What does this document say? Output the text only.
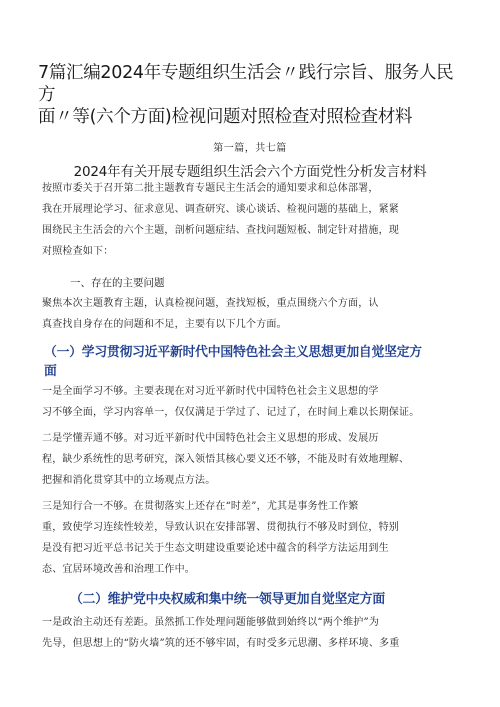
7篇汇编2024年专题组织生活会〃践行宗旨、服务人民方
面〃等(六个方面)检视问题对照检查对照检查材料
第一篇，共七篇
2024年有关开展专题组织生活会六个方面党性分析发言材料
按照市委关于召开第二批主题教育专题民主生活会的通知要求和总体部署，
我在开展理论学习、征求意见、调查研究、谈心谈话、检视问题的基础上，紧紧
围绕民主生活会的六个主题，剖析问题症结、查找问题短板、制定针对措施，现
对照检查如下：
一、存在的主要问题
聚焦本次主题教育主题，认真检视问题，查找短板，重点围绕六个方面，认
真查找自身存在的问题和不足，主要有以下几个方面。
（一）学习贯彻习近平新时代中国特色社会主义思想更加自觉坚定方
面
一是全面学习不够。主要表现在对习近平新时代中国特色社会主义思想的学
习不够全面，学习内容单一，仅仅满足于学过了、记过了，在时间上难以长期保证。
二是学懂弄通不够。对习近平新时代中国特色社会主义思想的形成、发展历
程，缺少系统性的思考研究，深入领悟其核心要义还不够，不能及时有效地理解、
把握和消化贯穿其中的立场观点方法。
三是知行合一不够。在贯彻落实上还存在“时差”，尤其是事务性工作繁
重，致使学习连续性较差，导致认识在安排部署、贯彻执行不够及时到位，特别
是没有把习近平总书记关于生态文明建设重要论述中蕴含的科学方法运用到生
态、宜居环境改善和治理工作中。
（二）维护党中央权威和集中统一领导更加自觉坚定方面
一是政治主动还有差距。虽然抓工作处理问题能够做到始终以“两个维护”为
先导，但思想上的“防火墙”筑的还不够牢固，有时受多元思潮、多样环境、多重
